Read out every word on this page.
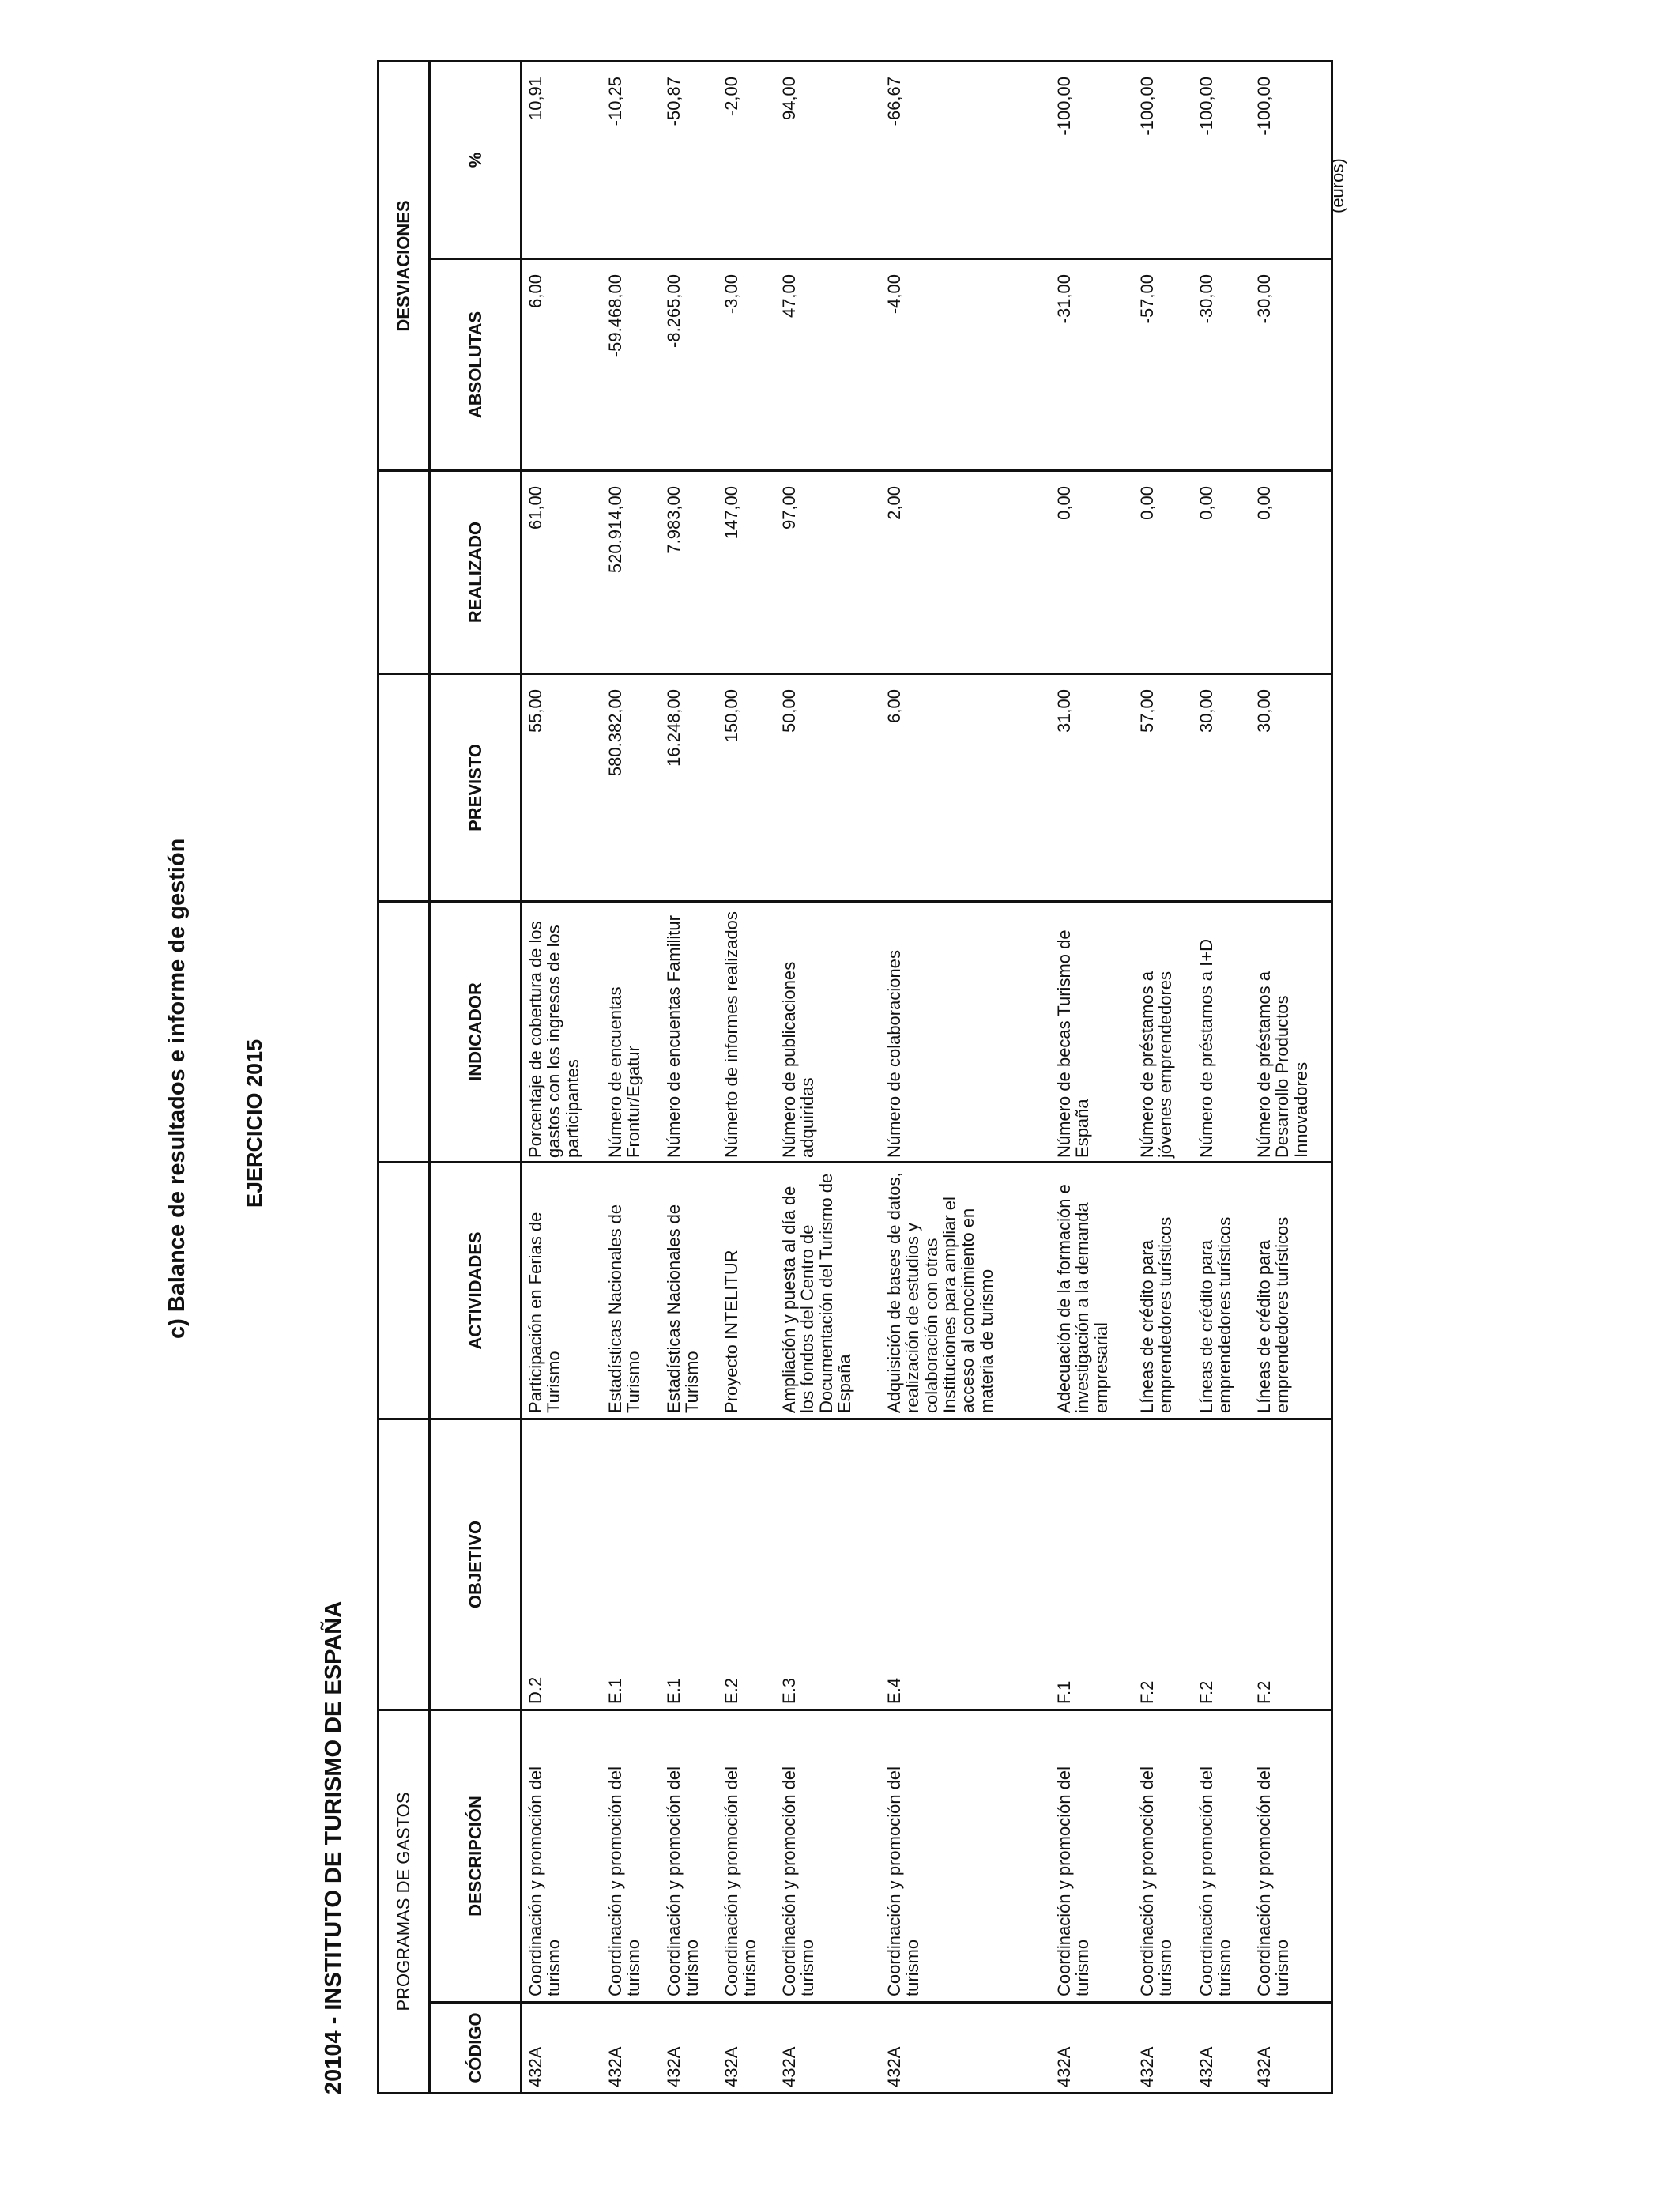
c) Balance de resultados e informe de gestión EJERCICIO 2015
20104 - INSTITUTO DE TURISMO DE ESPAÑA
(euros)
PROGRAMAS DE GASTOS							DESVIACIONES	
CÓDIGO	DESCRIPCIÓN	OBJETIVO	ACTIVIDADES	INDICADOR	PREVISTO	REALIZADO	ABSOLUTAS	%
432A	Coordinación y promoción del turismo	D.2	Participación en Ferias de Turismo	Porcentaje de cobertura de los gastos con los ingresos de los participantes	55,00	61,00	6,00	10,91
432A	Coordinación y promoción del turismo	E.1	Estadísticas Nacionales de Turismo	Número de encuentas Frontur/Egatur	580.382,00	520.914,00	-59.468,00	-10,25
432A	Coordinación y promoción del turismo	E.1	Estadísticas Nacionales de Turismo	Número de encuentas Familitur	16.248,00	7.983,00	-8.265,00	-50,87
432A	Coordinación y promoción del turismo	E.2	Proyecto INTELITUR	Númerto de informes realizados	150,00	147,00	-3,00	-2,00
432A	Coordinación y promoción del turismo	E.3	Ampliación y puesta al día de los fondos del Centro de Documentación del Turismo de España	Número de publicaciones adquiridas	50,00	97,00	47,00	94,00
432A	Coordinación y promoción del turismo	E.4	Adquisición de bases de datos, realización de estudios y colaboración con otras Instituciones para ampliar el acceso al conocimiento en materia de turismo	Número de colaboraciones	6,00	2,00	-4,00	-66,67
432A	Coordinación y promoción del turismo	F.1	Adecuación de la formación e investigación a la demanda empresarial	Número de becas Turismo de España	31,00	0,00	-31,00	-100,00
432A	Coordinación y promoción del turismo	F.2	Líneas de crédito para emprendedores turísticos	Número de préstamos a jóvenes emprendedores	57,00	0,00	-57,00	-100,00
432A	Coordinación y promoción del turismo	F.2	Líneas de crédito para emprendedores turísticos	Número de préstamos a I+D	30,00	0,00	-30,00	-100,00
432A	Coordinación y promoción del turismo	F.2	Líneas de crédito para emprendedores turísticos	Número de préstamos a Desarrollo Productos Innovadores	30,00	0,00	-30,00	-100,00
